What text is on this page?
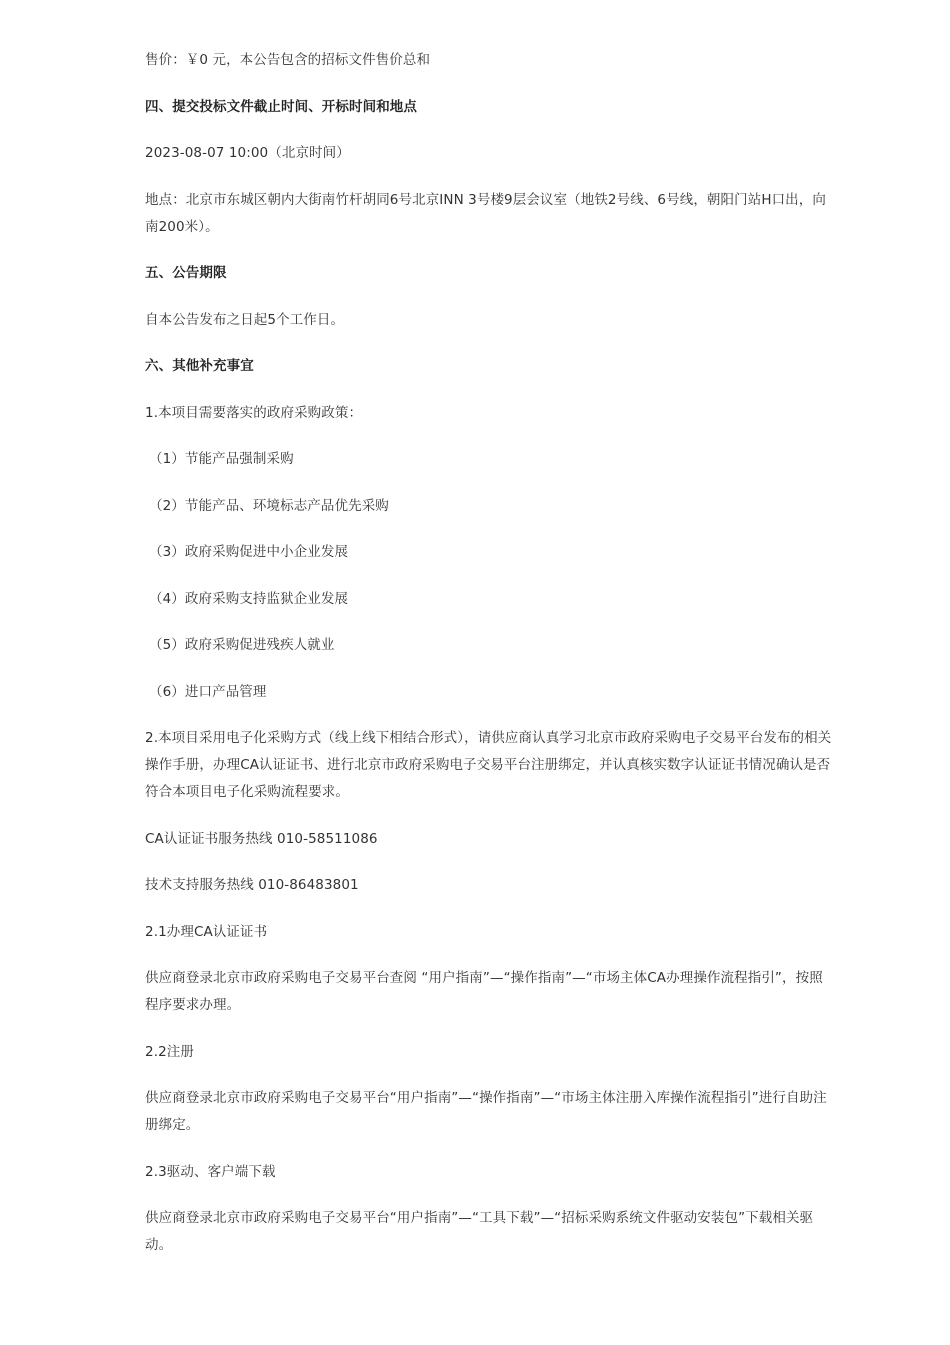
售价：￥0 元，本公告包含的招标文件售价总和

四、提交投标文件截止时间、开标时间和地点

2023-08-07 10:00（北京时间）

地点：北京市东城区朝内大街南竹杆胡同6号北京INN 3号楼9层会议室（地铁2号线、6号线，朝阳门站H口出，向南200米）。

五、公告期限

自本公告发布之日起5个工作日。

六、其他补充事宜

1.本项目需要落实的政府采购政策：

（1）节能产品强制采购

（2）节能产品、环境标志产品优先采购

（3）政府采购促进中小企业发展

（4）政府采购支持监狱企业发展

（5）政府采购促进残疾人就业

（6）进口产品管理

2.本项目采用电子化采购方式（线上线下相结合形式），请供应商认真学习北京市政府采购电子交易平台发布的相关操作手册，办理CA认证证书、进行北京市政府采购电子交易平台注册绑定，并认真核实数字认证证书情况确认是否符合本项目电子化采购流程要求。

CA认证证书服务热线 010-58511086

技术支持服务热线 010-86483801

2.1办理CA认证证书

供应商登录北京市政府采购电子交易平台查阅 “用户指南”—“操作指南”—“市场主体CA办理操作流程指引”，按照程序要求办理。

2.2注册

供应商登录北京市政府采购电子交易平台“用户指南”—“操作指南”—“市场主体注册入库操作流程指引”进行自助注册绑定。

2.3驱动、客户端下载

供应商登录北京市政府采购电子交易平台“用户指南”—“工具下载”—“招标采购系统文件驱动安装包”下载相关驱动。
